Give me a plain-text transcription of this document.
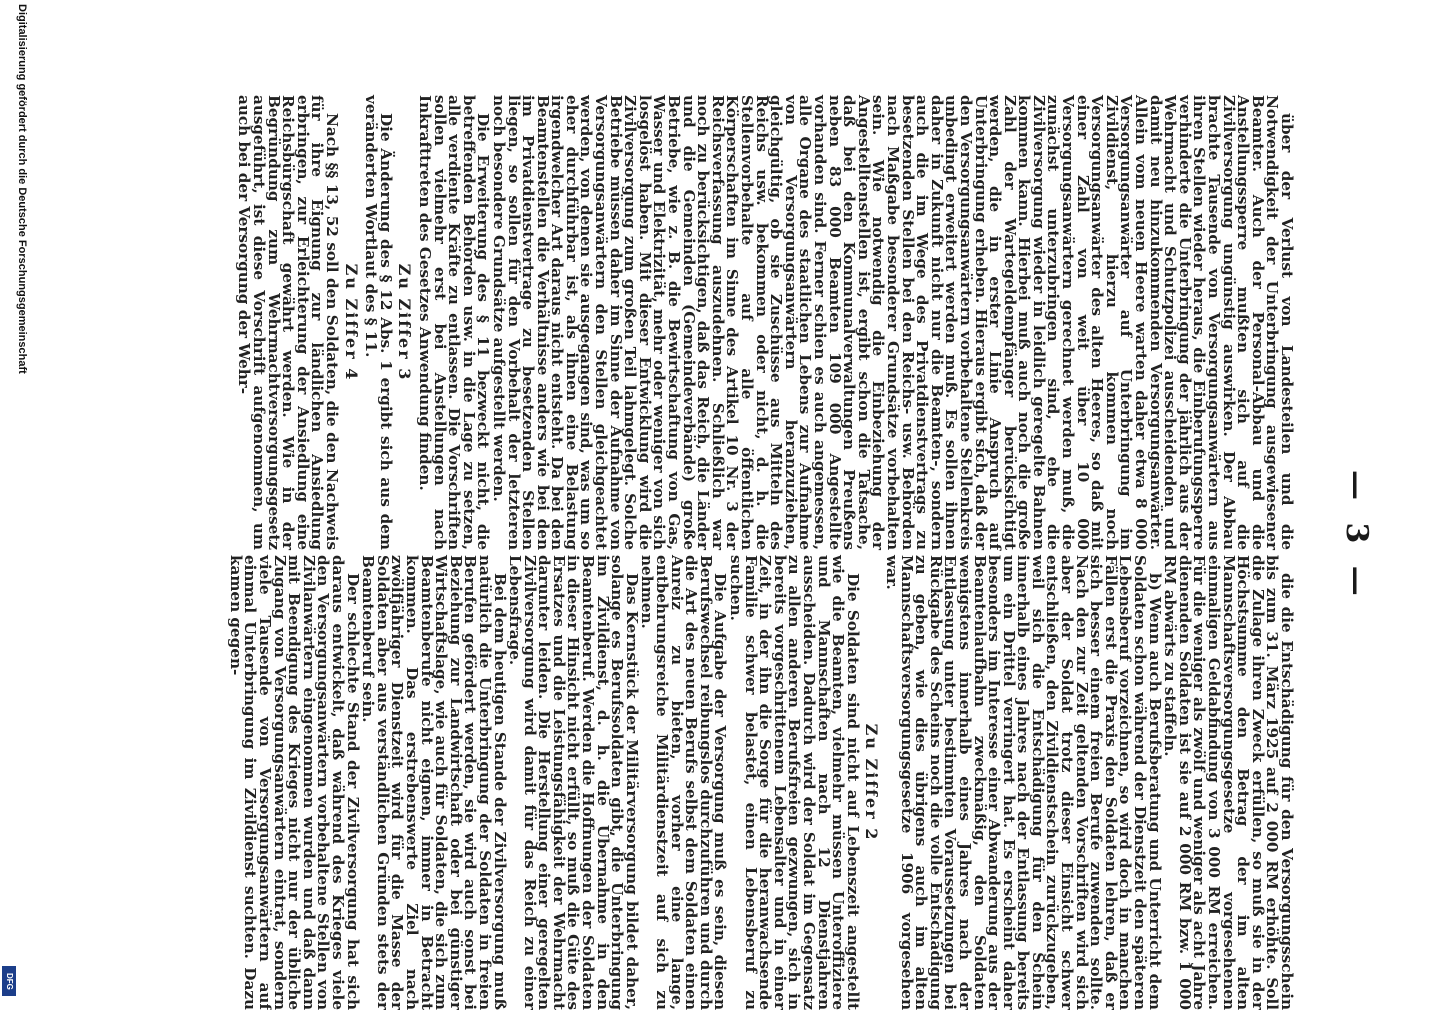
— 3 —

die die Entschädigung für den Versorgungsschein bis zum 31. März 1925 auf 2 000 RM erhöhte. Soll die Zulage ihren Zweck erfüllen, so muß sie in der Höchstsumme den Betrag der im alten Mannschaftsversorgungsgesetze vorgesehenen einmaligen Geldabfindung von 3 000 RM erreichen. Für die weniger als zwölf und weniger als acht Jahre dienenden Soldaten ist sie auf 2 000 RM bzw. 1 000 RM abwärts zu staffeln.

b) Wenn auch Berufsberatung und Unterricht dem Soldaten schon während der Dienstzeit den späteren Lebensberuf vorzeichnen, so wird doch in manchen Fällen erst die Praxis den Soldaten lehren, daß er sich besser einem freien Berufe zuwenden sollte. Nach den zur Zeit geltenden Vorschriften wird sich aber der Soldat trotz dieser Einsicht schwer entschließen, den Zivildienstschein zurückzugeben, weil sich die Entschädigung für den Schein innerhalb eines Jahres nach der Entlassung bereits um ein Drittel verringert hat. Es erscheint daher besonders im Interesse einer Abwanderung aus der Beamtenlaufbahn zweckmäßig, den Soldaten wenigstens innerhalb eines Jahres nach der Entlassung unter bestimmten Voraussetzungen bei Rückgabe des Scheins noch die volle Entschädigung zu geben, wie dies übrigens auch im alten Mannschaftsversorgungsgesetze 1906 vorgesehen war.

Zu Ziffer 2

Die Soldaten sind nicht auf Lebenszeit angestellt wie die Beamten, vielmehr müssen Unteroffiziere und Mannschaften nach 12 Dienstjahren ausscheiden. Dadurch wird der Soldat im Gegensatz zu allen anderen Berufsfreien gezwungen, sich in bereits vorgeschrittenem Lebensalter und in einer Zeit, in der ihn die Sorge für die heranwachsende Familie schwer belastet, einen Lebensberuf zu suchen.

Die Aufgabe der Versorgung muß es sein, diesen Berufswechsel reibungslos durchzuführen und durch die Art des neuen Berufs selbst dem Soldaten einen Anreiz zu bieten, vorher eine lange, entbehrungsreiche Militärdienstzeit auf sich zu nehmen.

Das Kernstück der Militärversorgung bildet daher, solange es Berufssoldaten gibt, die Unterbringung im Zivildienst, d. h. die Übernahme in den Beamtenberuf. Werden die Hoffnungen der Soldaten in dieser Hinsicht nicht erfüllt, so muß die Güte des Ersatzes und die Leistungsfähigkeit der Wehrmacht darunter leiden. Die Herstellung einer geregelten Zivilversorgung wird damit für das Reich zu einer Lebensfrage.

Bei dem heutigen Stande der Zivilversorgung muß natürlich die Unterbringung der Soldaten in freien Berufen gefördert werden, sie wird auch sonst bei Beziehung zur Landwirtschaft oder bei günstiger Wirtschaftslage, wie auch für Soldaten, die sich zum Beamtenberufe nicht eignen, immer in Betracht kommen. Das erstrebenswerte Ziel nach zwölfjähriger Dienstzeit wird für die Masse der Soldaten aber aus verständlichen Gründen stets der Beamtenberuf sein.

Der schlechte Stand der Zivilversorgung hat sich daraus entwickelt, daß während des Krieges viele den Versorgungsanwärtern vorbehaltene Stellen von Zivilanwärtern eingenommen wurden und daß dann mit Beendigung des Krieges nicht nur der übliche Zugang von Versorgungsanwärtern eintrat, sondern viele Tausende von Versorgungsanwärtern auf einmal Unterbringung im Zivildienst suchten. Dazu kamen gegen-

über der Verlust von Landesteilen und die Notwendigkeit der Unterbringung ausgewiesener Beamter. Auch der Personal-Abbau und die Anstellungssperre mußten sich auf die Zivilversorgung ungünstig auswirken. Der Abbau brachte Tausende von Versorgungsanwärtern aus ihren Stellen wieder heraus, die Einberufungssperre verhinderte die Unterbringung der jährlich aus der Wehrmacht und Schutzpolizei ausscheidenden und damit neu hinzukommenden Versorgungsanwärter. Allein vom neuen Heere warten daher etwa 8 000 Versorgungsanwärter auf Unterbringung im Zivildienst, hierzu kommen noch Versorgungsanwärter des alten Heeres, so daß mit einer Zahl von weit über 10 000 Versorgungsanwärtern gerechnet werden muß, die zunächst unterzubringen sind, ehe die Zivilversorgung wieder in leidlich geregelte Bahnen kommen kann. Hierbei muß auch noch die große Zahl der Wartegeldempfänger berücksichtigt werden, die in erster Linie Anspruch auf Unterbringung erheben. Hieraus ergibt sich, daß der den Versorgungsanwärtern vorbehaltene Stellenkreis unbedingt erweitert werden muß. Es sollen ihnen daher in Zukunft nicht nur die Beamten-, sondern auch die im Wege des Privatdienstvertrags zu besetzenden Stellen bei den Reichs- usw. Behörden nach Maßgabe besonderer Grundsätze vorbehalten sein. Wie notwendig die Einbeziehung der Angestelltenstellen ist, ergibt schon die Tatsache, daß bei den Kommunalverwaltungen Preußens neben 83 000 Beamten 109 000 Angestellte vorhanden sind. Ferner schien es auch angemessen, alle Organe des staatlichen Lebens zur Aufnahme von Versorgungsanwärtern heranzuziehen, gleichgültig, ob sie Zuschüsse aus Mitteln des Reichs usw. bekommen oder nicht, d. h. die Stellenvorbehalte auf alle öffentlichen Körperschaften im Sinne des Artikel 10 Nr. 3 der Reichsverfassung auszudehnen. Schließlich war noch zu berücksichtigen, daß das Reich, die Länder und die Gemeinden (Gemeindeverbände) große Betriebe, wie z. B. die Bewirtschaftung von Gas, Wasser und Elektrizität, mehr oder weniger von sich losgelöst haben. Mit dieser Entwicklung wird die Zivilversorgung zum großen Teil lahmgelegt. Solche Betriebe müssen daher im Sinne der Aufnahme von Versorgungsanwärtern den Stellen gleichgeachtet werden, von denen sie ausgegangen sind, was um so eher durchführbar ist, als ihnen eine Belastung irgendwelcher Art daraus nicht entsteht. Da bei den Beamtenstellen die Verhältnisse anders wie bei den im Privatdienstvertrage zu besetzenden Stellen liegen, so sollen für den Vorbehalt der letzteren noch besondere Grundsätze aufgestellt werden.

Die Erweiterung des § 11 bezweckt nicht, die betreffenden Behörden usw. in die Lage zu setzen, alle verdiente Kräfte zu entlassen. Die Vorschriften sollen vielmehr erst bei Anstellungen nach Inkrafttreten des Gesetzes Anwendung finden.

Zu Ziffer 3

Die Änderung des § 12 Abs. 1 ergibt sich aus dem veränderten Wortlaut des § 11.

Zu Ziffer 4

Nach §§ 13, 52 soll den Soldaten, die den Nachweis für ihre Eignung zur ländlichen Ansiedlung erbringen, zur Erleichterung der Ansiedlung eine Reichsbürgschaft gewährt werden. Wie in der Begründung zum Wehrmachtversorgungsgesetz ausgeführt, ist diese Vorschrift aufgenommen, um auch bei der Versorgung der Wehr-

Digitalisierung gefördert durch die Deutsche Forschungsgemeinschaft
DFG
